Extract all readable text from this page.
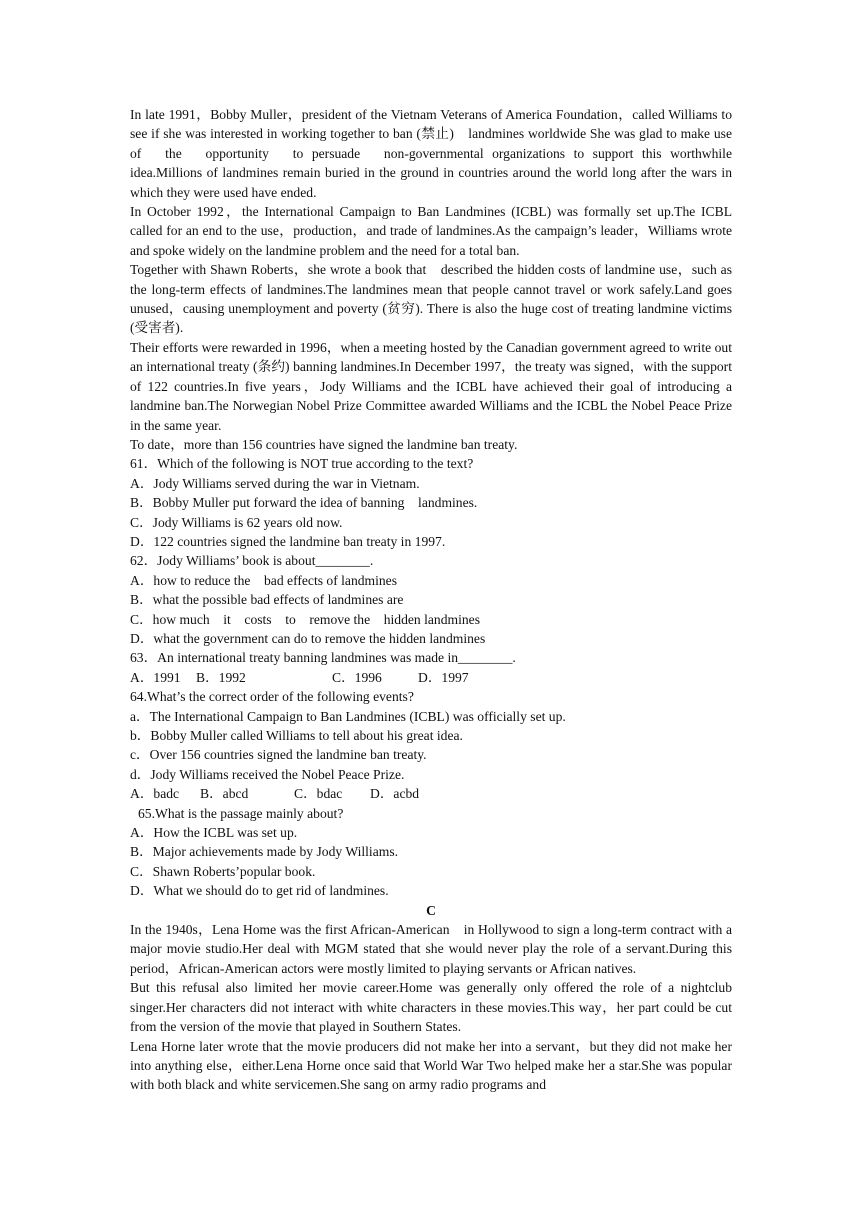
In late 1991，Bobby Muller，president of the Vietnam Veterans of America Foundation，called Williams to see if she was interested in working together to ban (禁止)　landmines worldwide She was glad to make use　of　the　opportunity　to persuade　non-governmental organizations to support this worthwhile idea.Millions of landmines remain buried in the ground in countries around the world long after the wars in which they were used have ended.

In October 1992，the International Campaign to Ban Landmines (ICBL) was formally set up.The ICBL called for an end to the use，production，and trade of landmines.As the campaign’s leader，Williams wrote and spoke widely on the landmine problem and the need for a total ban.

Together with Shawn Roberts，she wrote a book that　described the hidden costs of landmine use，such as the long-term effects of landmines.The landmines mean that people cannot travel or work safely.Land goes unused，causing unemployment and poverty (贫穷). There is also the huge cost of treating landmine victims (受害者).

Their efforts were rewarded in 1996，when a meeting hosted by the Canadian government agreed to write out an international treaty (条约) banning landmines.In December 1997，the treaty was signed，with the support of 122 countries.In five years，Jody Williams and the ICBL have achieved their goal of introducing a landmine ban.The Norwegian Nobel Prize Committee awarded Williams and the ICBL the Nobel Peace Prize in the same year.

To date，more than 156 countries have signed the landmine ban treaty.

61．Which of the following is NOT true according to the text?

A．Jody Williams served during the war in Vietnam.

B．Bobby Muller put forward the idea of banning　landmines.

C．Jody Williams is 62 years old now.

D．122 countries signed the landmine ban treaty in 1997.

62．Jody Williams’ book is about________.

A．how to reduce the　bad effects of landmines

B．what the possible bad effects of landmines are

C．how much　it　costs　to　remove the　hidden landmines

D．what the government can do to remove the hidden landmines

63．An international treaty banning landmines was made in________.

A．1991 B．1992	C．1996	D．1997

64.What’s the correct order of the following events?

a．The International Campaign to Ban Landmines (ICBL) was officially set up.

b．Bobby Muller called Williams to tell about his great idea.

c．Over 156 countries signed the landmine ban treaty.

d．Jody Williams received the Nobel Peace Prize.

A．badc B．abcd	C．bdac D．acbd

65.What is the passage mainly about?

A．How the ICBL was set up.

B．Major achievements made by Jody Williams.

C．Shawn Roberts’popular book.

D．What we should do to get rid of landmines.

C

In the 1940s，Lena Home was the first African-American　in Hollywood to sign a long-term contract with a major movie studio.Her deal with MGM stated that she would never play the role of a servant.During this period，African-American actors were mostly limited to playing servants or African natives.

But this refusal also limited her movie career.Home was generally only offered the role of a nightclub singer.Her characters did not interact with white characters in these movies.This way，her part could be cut from the version of the movie that played in Southern States.

Lena Horne later wrote that the movie producers did not make her into a servant，but they did not make her into anything else，either.Lena Horne once said that World War Two helped make her a star.She was popular with both black and white servicemen.She sang on army radio programs and
